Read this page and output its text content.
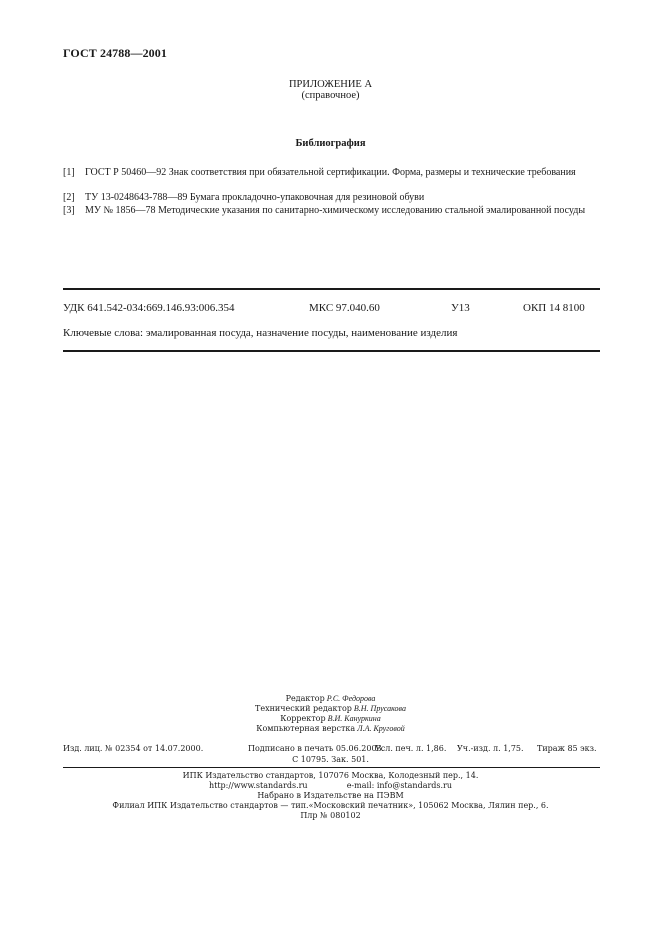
ГОСТ 24788—2001
ПРИЛОЖЕНИЕ А
(справочное)
Библиография
[1] ГОСТ Р 50460—92 Знак соответствия при обязательной сертификации. Форма, размеры и технические требования
[2] ТУ 13-0248643-788—89 Бумага прокладочно-упаковочная для резиновой обуви
[3] МУ № 1856—78 Методические указания по санитарно-химическому исследованию стальной эмалированной посуды
УДК 641.542-034:669.146.93:006.354	МКС 97.040.60	У13	ОКП 14 8100
Ключевые слова: эмалированная посуда, назначение посуды, наименование изделия
Редактор Р.С. Федорова
Технический редактор В.Н. Прусакова
Корректор В.И. Кануркина
Компьютерная верстка Л.А. Круговой
Изд. лиц. № 02354 от 14.07.2000.	Подписано в печать 05.06.2003.
Усл. печ. л. 1,86. Уч.-изд. л. 1,75. Тираж 85 экз.
С 10795. Зак. 501.
ИПК Издательство стандартов, 107076 Москва, Колодезный пер., 14.
http://www.standards.ru	e-mail: info@standards.ru
Набрано в Издательстве на ПЭВМ
Филиал ИПК Издательство стандартов — тип.«Московский печатник», 105062 Москва, Лялин пер., 6.
Плр № 080102
